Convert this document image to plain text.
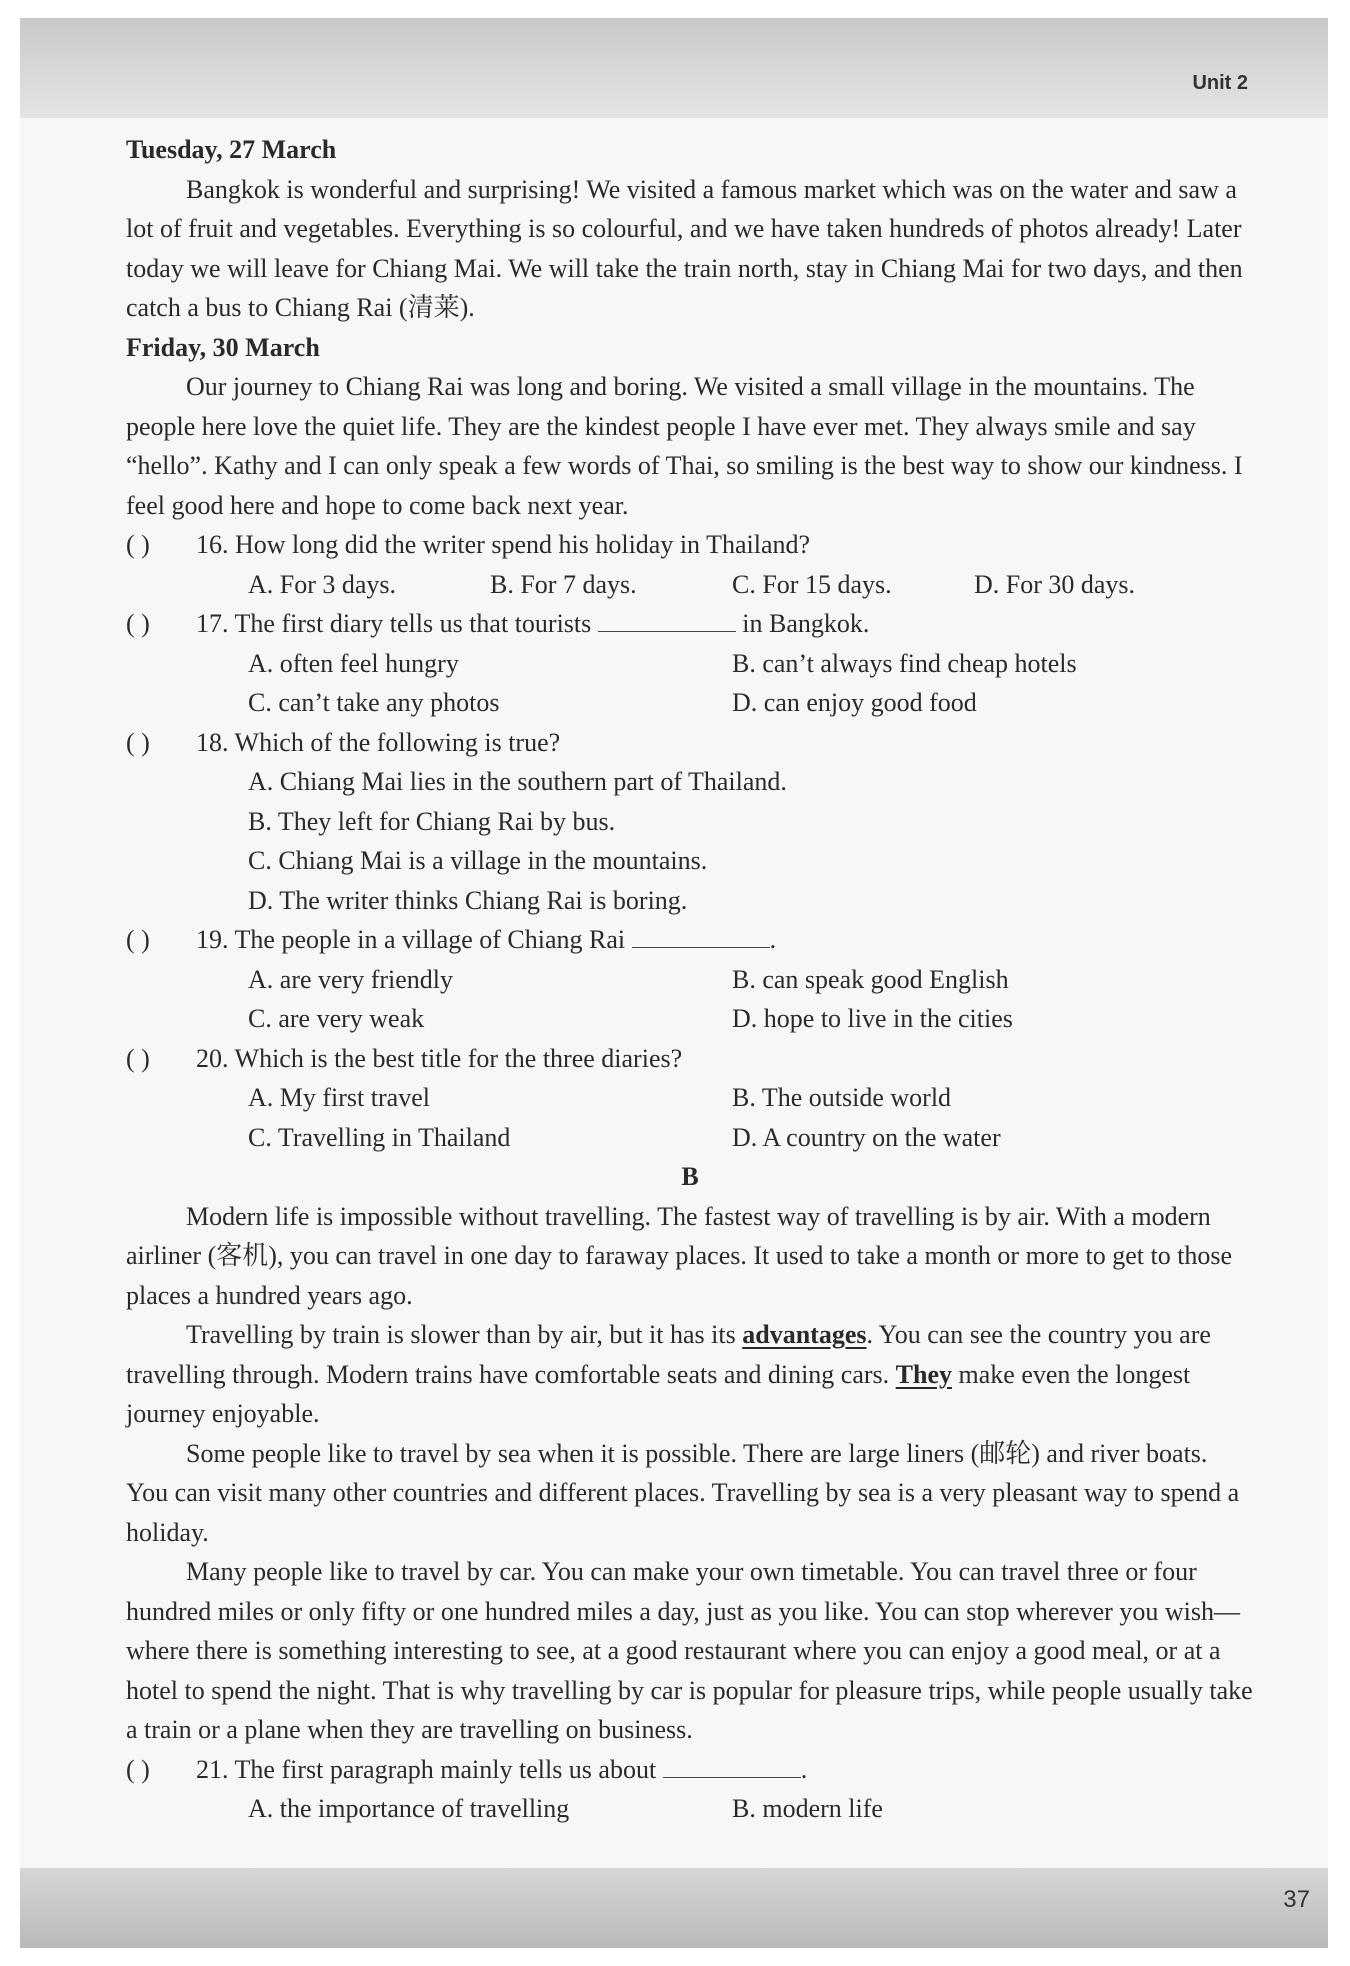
Unit 2
37

Tuesday, 27 March

Bangkok is wonderful and surprising! We visited a famous market which was on the water and saw a lot of fruit and vegetables. Everything is so colourful, and we have taken hundreds of photos already! Later today we will leave for Chiang Mai. We will take the train north, stay in Chiang Mai for two days, and then catch a bus to Chiang Rai (清莱).

Friday, 30 March

Our journey to Chiang Rai was long and boring. We visited a small village in the mountains. The people here love the quiet life. They are the kindest people I have ever met. They always smile and say “hello”. Kathy and I can only speak a few words of Thai, so smiling is the best way to show our kindness. I feel good here and hope to come back next year.

( )	16. How long did the writer spend his holiday in Thailand?
A. For 3 days.	B. For 7 days.	C. For 15 days.	D. For 30 days.
( )	17. The first diary tells us that tourists	in Bangkok.
A. often feel hungry	B. can’t always find cheap hotels
C. can’t take any photos	D. can enjoy good food
( )	18. Which of the following is true?
A. Chiang Mai lies in the southern part of Thailand.
B. They left for Chiang Rai by bus.
C. Chiang Mai is a village in the mountains.
D. The writer thinks Chiang Rai is boring.
( )	19. The people in a village of Chiang Rai	.
A. are very friendly	B. can speak good English
C. are very weak	D. hope to live in the cities
( )	20. Which is the best title for the three diaries?
A. My first travel	B. The outside world
C. Travelling in Thailand	D. A country on the water
B

Modern life is impossible without travelling. The fastest way of travelling is by air. With a modern airliner (客机), you can travel in one day to faraway places. It used to take a month or more to get to those places a hundred years ago.

Travelling by train is slower than by air, but it has its advantages. You can see the country you are travelling through. Modern trains have comfortable seats and dining cars. They make even the longest journey enjoyable.

Some people like to travel by sea when it is possible. There are large liners (邮轮) and river boats. You can visit many other countries and different places. Travelling by sea is a very pleasant way to spend a holiday.

Many people like to travel by car. You can make your own timetable. You can travel three or four hundred miles or only fifty or one hundred miles a day, just as you like. You can stop wherever you wish—where there is something interesting to see, at a good restaurant where you can enjoy a good meal, or at a hotel to spend the night. That is why travelling by car is popular for pleasure trips, while people usually take a train or a plane when they are travelling on business.

( )	21. The first paragraph mainly tells us about	.
A. the importance of travelling	B. modern life
